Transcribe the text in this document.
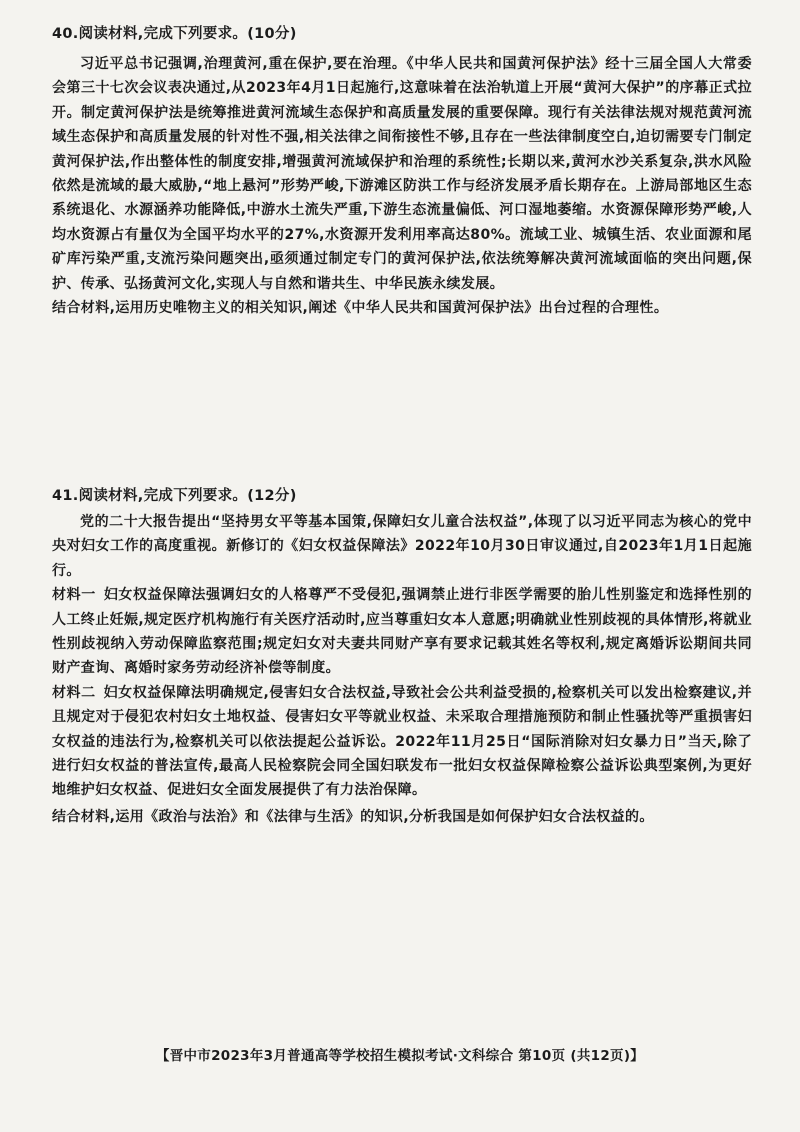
40.阅读材料,完成下列要求。(10分)

习近平总书记强调,治理黄河,重在保护,要在治理。《中华人民共和国黄河保护法》经十三届全国人大常委会第三十七次会议表决通过,从2023年4月1日起施行,这意味着在法治轨道上开展“黄河大保护”的序幕正式拉开。制定黄河保护法是统筹推进黄河流域生态保护和高质量发展的重要保障。现行有关法律法规对规范黄河流域生态保护和高质量发展的针对性不强,相关法律之间衔接性不够,且存在一些法律制度空白,迫切需要专门制定黄河保护法,作出整体性的制度安排,增强黄河流域保护和治理的系统性;长期以来,黄河水沙关系复杂,洪水风险依然是流域的最大威胁,“地上悬河”形势严峻,下游滩区防洪工作与经济发展矛盾长期存在。上游局部地区生态系统退化、水源涵养功能降低,中游水土流失严重,下游生态流量偏低、河口湿地萎缩。水资源保障形势严峻,人均水资源占有量仅为全国平均水平的27%,水资源开发利用率高达80%。流域工业、城镇生活、农业面源和尾矿库污染严重,支流污染问题突出,亟须通过制定专门的黄河保护法,依法统筹解决黄河流域面临的突出问题,保护、传承、弘扬黄河文化,实现人与自然和谐共生、中华民族永续发展。

结合材料,运用历史唯物主义的相关知识,阐述《中华人民共和国黄河保护法》出台过程的合理性。

41.阅读材料,完成下列要求。(12分)

党的二十大报告提出“坚持男女平等基本国策,保障妇女儿童合法权益”,体现了以习近平同志为核心的党中央对妇女工作的高度重视。新修订的《妇女权益保障法》2022年10月30日审议通过,自2023年1月1日起施行。

材料一 妇女权益保障法强调妇女的人格尊严不受侵犯,强调禁止进行非医学需要的胎儿性别鉴定和选择性别的人工终止妊娠,规定医疗机构施行有关医疗活动时,应当尊重妇女本人意愿;明确就业性别歧视的具体情形,将就业性别歧视纳入劳动保障监察范围;规定妇女对夫妻共同财产享有要求记载其姓名等权利,规定离婚诉讼期间共同财产查询、离婚时家务劳动经济补偿等制度。

材料二 妇女权益保障法明确规定,侵害妇女合法权益,导致社会公共利益受损的,检察机关可以发出检察建议,并且规定对于侵犯农村妇女土地权益、侵害妇女平等就业权益、未采取合理措施预防和制止性骚扰等严重损害妇女权益的违法行为,检察机关可以依法提起公益诉讼。2022年11月25日“国际消除对妇女暴力日”当天,除了进行妇女权益的普法宣传,最高人民检察院会同全国妇联发布一批妇女权益保障检察公益诉讼典型案例,为更好地维护妇女权益、促进妇女全面发展提供了有力法治保障。

结合材料,运用《政治与法治》和《法律与生活》的知识,分析我国是如何保护妇女合法权益的。

【晋中市2023年3月普通高等学校招生模拟考试·文科综合 第10页 (共12页)】
